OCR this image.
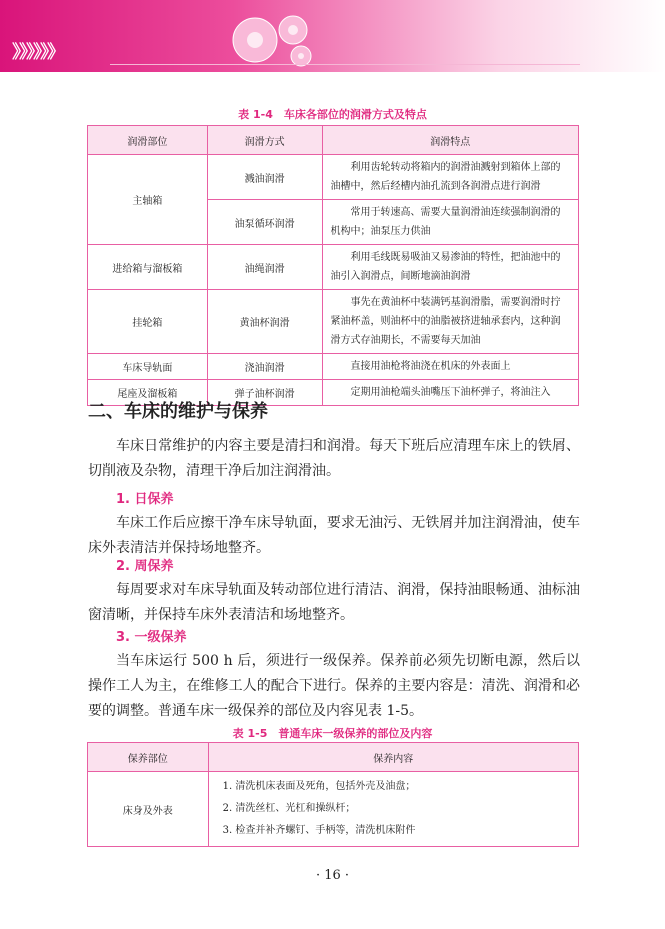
》》》》》》
表 1-4　车床各部位的润滑方式及特点
润滑部位	润滑方式	润滑特点
主轴箱	溅油润滑	利用齿轮转动将箱内的润滑油溅射到箱体上部的油槽中，然后经槽内油孔流到各润滑点进行润滑

	油泵循环润滑	常用于转速高、需要大量润滑油连续强制润滑的机构中；油泵压力供油

进给箱与溜板箱	油绳润滑	利用毛线既易吸油又易渗油的特性，把油池中的油引入润滑点，间断地滴油润滑

挂轮箱	黄油杯润滑	事先在黄油杯中装满钙基润滑脂，需要润滑时拧紧油杯盖，则油杯中的油脂被挤进轴承套内，这种润滑方式存油期长，不需要每天加油

车床导轨面	浇油润滑	直接用油枪将油浇在机床的外表面上

尾座及溜板箱	弹子油杯润滑	定期用油枪端头油嘴压下油杯弹子，将油注入

二、车床的维护与保养

车床日常维护的内容主要是清扫和润滑。每天下班后应清理车床上的铁屑、切削液及杂物，清理干净后加注润滑油。

1. 日保养

车床工作后应擦干净车床导轨面，要求无油污、无铁屑并加注润滑油，使车床外表清洁并保持场地整齐。

2. 周保养

每周要求对车床导轨面及转动部位进行清洁、润滑，保持油眼畅通、油标油窗清晰，并保持车床外表清洁和场地整齐。

3. 一级保养

当车床运行 500 h 后，须进行一级保养。保养前必须先切断电源，然后以操作工人为主，在维修工人的配合下进行。保养的主要内容是：清洗、润滑和必要的调整。普通车床一级保养的部位及内容见表 1-5。

表 1-5　普通车床一级保养的部位及内容
保养部位	保养内容
床身及外表	1. 清洗机床表面及死角，包括外壳及油盘；
2. 清洗丝杠、光杠和操纵杆；
3. 检查并补齐螺钉、手柄等，清洗机床附件
· 16 ·
